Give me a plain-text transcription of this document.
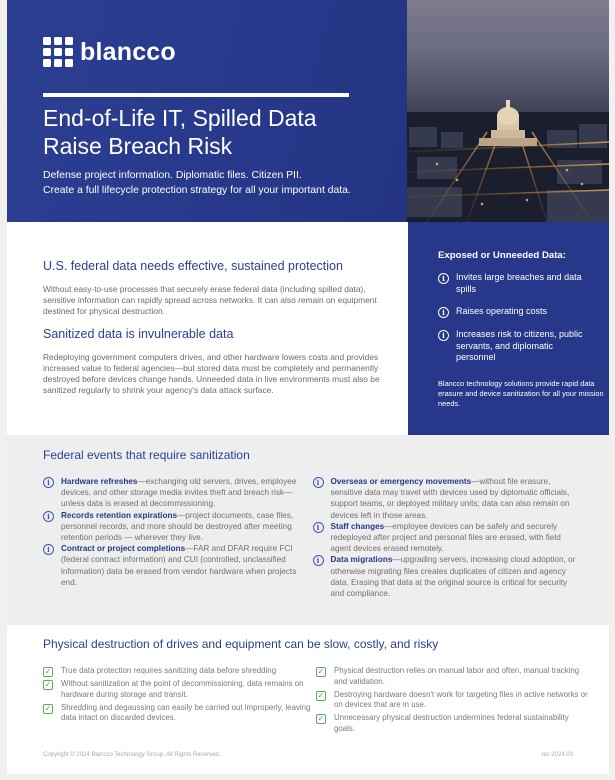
blancco
End-of-Life IT, Spilled Data
Raise Breach Risk
Defense project information. Diplomatic files. Citizen PII.
Create a full lifecycle protection strategy for all your important data.
U.S. federal data needs effective, sustained protection

Without easy-to-use processes that securely erase federal data (including spilled data), sensitive information can rapidly spread across networks. It can also remain on equipment destined for physical destruction.

Sanitized data is invulnerable data

Redeploying government computers drives, and other hardware lowers costs and provides increased value to federal agencies—but stored data must be completely and permanently destroyed before devices change hands. Unneeded data in live environments must also be sanitized regularly to shrink your agency's data attack surface.

Exposed or Unneeded Data:
i	Invites large breaches and data spills
i	Raises operating costs
i	Increases risk to citizens, public servants, and diplomatic personnel
Blancco technology solutions provide rapid data erasure and device sanitization for all your mission needs.
Federal events that require sanitization
i	Hardware refreshes—exchanging old servers, drives, employee devices, and other storage media invites theft and breach risk—unless data is erased at decommissioning.
i	Records retention expirations—project documents, case files, personnel records, and more should be destroyed after meeting retention periods — wherever they live.
i	Contract or project completions—FAR and DFAR require FCI (federal contract information) and CUI (controlled, unclassified information) data be erased from vendor hardware when projects end.
i	Overseas or emergency movements—without file erasure, sensitive data may travel with devices used by diplomatic officials, support teams, or deployed military units; data can also remain on devices left in those areas.
i	Staff changes—employee devices can be safely and securely redeployed after project and personal files are erased, with field agent devices erased remotely.
i	Data migrations—upgrading servers, increasing cloud adoption, or otherwise migrating files creates duplicates of citizen and agency data. Erasing that data at the original source is critical for security and compliance.
Physical destruction of drives and equipment can be slow, costly, and risky
✓ True data protection requires sanitizing data before shredding
✓ Without sanitization at the point of decommissioning, data remains on hardware during storage and transit.
✓ Shredding and degaussing can easily be carried out improperly, leaving data intact on discarded devices.
✓ Physical destruction relies on manual labor and often, manual tracking and validation.
✓ Destroying hardware doesn't work for targeting files in active networks or on devices that are in use.
✓ Unnecessary physical destruction undermines federal sustainability goals.
Copyright © 2024 Blancco Technology Group. All Rights Reserved.	rev 2024.03
